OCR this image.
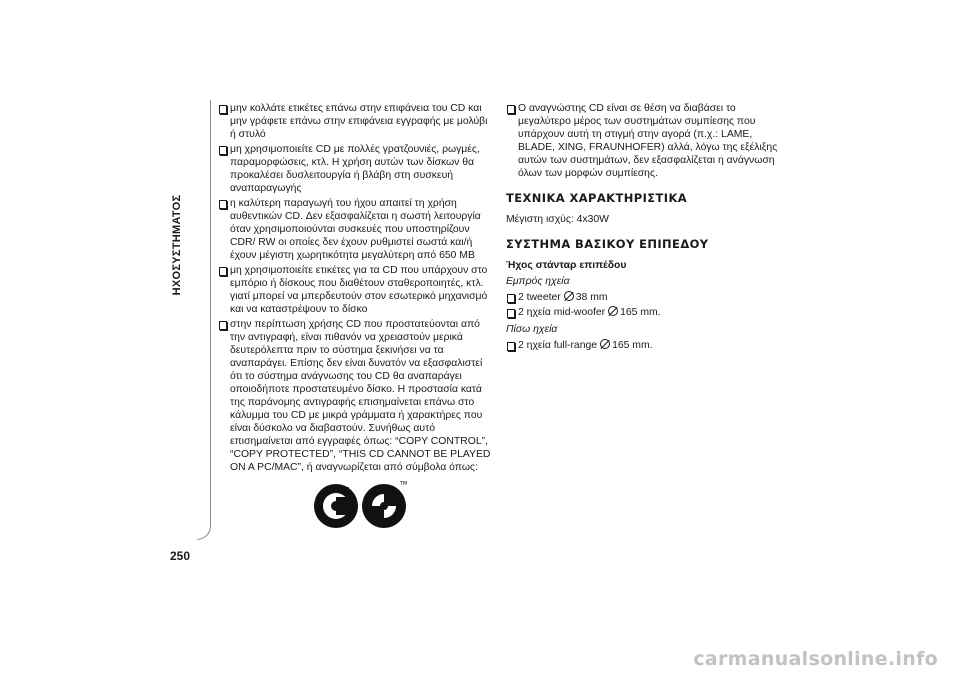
ΗΧΟΣΥΣΤΗΜΑΤΟΣ
250
μην κολλάτε ετικέτες επάνω στην επιφάνεια του CD και μην γράφετε επάνω στην επιφάνεια εγγραφής με μολύβι ή στυλό
μη χρησιμοποιείτε CD με πολλές γρατζουνιές, ρωγμές, παραμορφώσεις, κτλ. Η χρήση αυτών των δίσκων θα προκαλέσει δυσλειτουργία ή βλάβη στη συσκευή αναπαραγωγής
η καλύτερη παραγωγή του ήχου απαιτεί τη χρήση αυθεντικών CD. Δεν εξασφαλίζεται η σωστή λειτουργία όταν χρησιμοποιούνται συσκευές που υποστηρίζουν CDR/ RW οι οποίες δεν έχουν ρυθμιστεί σωστά και/ή έχουν μέγιστη χωρητικότητα μεγαλύτερη από 650 MB
μη χρησιμοποιείτε ετικέτες για τα CD που υπάρχουν στο εμπόριο ή δίσκους που διαθέτουν σταθεροποιητές, κτλ. γιατί μπορεί να μπερδευτούν στον εσωτερικό μηχανισμό και να καταστρέψουν το δίσκο
στην περίπτωση χρήσης CD που προστατεύονται από την αντιγραφή, είναι πιθανόν να χρειαστούν μερικά δευτερόλεπτα πριν το σύστημα ξεκινήσει να τα αναπαράγει. Επίσης δεν είναι δυνατόν να εξασφαλιστεί ότι το σύστημα ανάγνωσης του CD θα αναπαράγει οποιοδήποτε προστατευμένο δίσκο. Η προστασία κατά της παράνομης αντιγραφής επισημαίνεται επάνω στο κάλυμμα του CD με μικρά γράμματα ή χαρακτήρες που είναι δύσκολο να διαβαστούν. Συνήθως αυτό επισημαίνεται από εγγραφές όπως: “COPY CONTROL”, “COPY PROTECTED”, “THIS CD CANNOT BE PLAYED ON A PC/MAC”, ή αναγνωρίζεται από σύμβολα όπως:
TM
TM
Ο αναγνώστης CD είναι σε θέση να διαβάσει το μεγαλύτερο μέρος των συστημάτων συμπίεσης που υπάρχουν αυτή τη στιγμή στην αγορά (π.χ.: LAME, BLADE, XING, FRAUNHOFER) αλλά, λόγω της εξέλιξης αυτών των συστημάτων, δεν εξασφαλίζεται η ανάγνωση όλων των μορφών συμπίεσης.
ΤΕΧΝΙΚΑ ΧΑΡΑΚΤΗΡΙΣΤΙΚΑ
Μέγιστη ισχύς: 4x30W
ΣΥΣΤΗΜΑ ΒΑΣΙΚΟΥ ΕΠΙΠΕΔΟΥ
Ήχος στάνταρ επιπέδου
Εμπρός ηχεία
2 tweeter 38 mm
2 ηχεία mid-woofer 165 mm.
Πίσω ηχεία
2 ηχεία full-range 165 mm.
carmanualsonline.info
